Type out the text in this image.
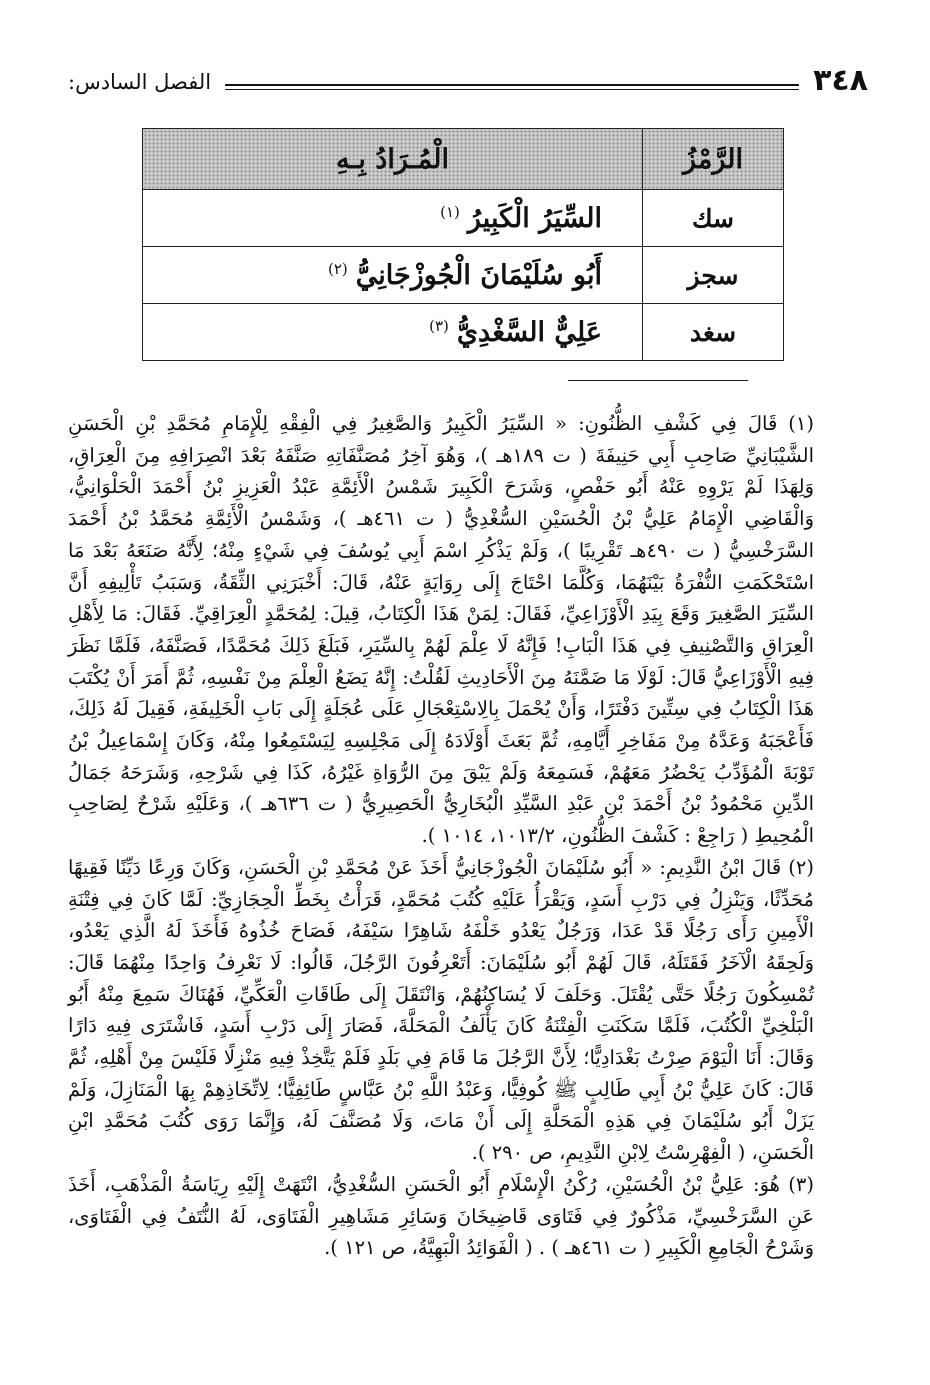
٣٤٨
الفصل السادس:
الرَّمْزُ	الْمُـرَادُ بِـهِ
سك	السِّيَرُ الْكَبِيرُ$^{(١)}$
سجز	أَبُو سُلَيْمَانَ الْجُوزْجَانِيُّ$^{(٢)}$
سغد	عَلِيٌّ السَّغْدِيُّ$^{(٣)}$

(١) قَالَ فِي كَشْفِ الظُّنُونِ: « السِّيَرُ الْكَبِيرُ وَالصَّغِيرُ فِي الْفِقْهِ لِلْإِمَامِ مُحَمَّدِ بْنِ الْحَسَنِ الشَّيْبَانِيِّ صَاحِبِ أَبِي حَنِيفَةَ ( ت ١٨٩هـ )، وَهُوَ آخِرُ مُصَنَّفَاتِهِ صَنَّفَهُ بَعْدَ انْصِرَافِهِ مِنَ الْعِرَاقِ، وَلِهَذَا لَمْ يَرْوِهِ عَنْهُ أَبُو حَفْصٍ، وَشَرَحَ الْكَبِيرَ شَمْسُ الْأَئِمَّةِ عَبْدُ الْعَزِيزِ بْنُ أَحْمَدَ الْحَلْوَانِيُّ، وَالْقَاضِي الْإِمَامُ عَلِيُّ بْنُ الْحُسَيْنِ السُّغْدِيُّ ( ت ٤٦١هـ )، وَشَمْسُ الْأَئِمَّةِ مُحَمَّدُ بْنُ أَحْمَدَ السَّرَخْسِيُّ ( ت ٤٩٠هـ تَقْرِيبًا )، وَلَمْ يَذْكُرِ اسْمَ أَبِي يُوسُفَ فِي شَيْءٍ مِنْهُ؛ لِأَنَّهُ صَنَعَهُ بَعْدَ مَا اسْتَحْكَمَتِ النُّفْرَةُ بَيْنَهُمَا، وَكُلَّمَا احْتَاجَ إِلَى رِوَايَةٍ عَنْهُ، قَالَ: أَخْبَرَنِي الثِّقَةُ، وَسَبَبُ تَأْلِيفِهِ أَنَّ السِّيَرَ الصَّغِيرَ وَقَعَ بِيَدِ الْأَوْزَاعِيِّ، فَقَالَ: لِمَنْ هَذَا الْكِتَابُ، قِيلَ: لِمُحَمَّدٍ الْعِرَاقِيِّ. فَقَالَ: مَا لِأَهْلِ الْعِرَاقِ وَالتَّصْنِيفِ فِي هَذَا الْبَابِ! فَإِنَّهُ لَا عِلْمَ لَهُمْ بِالسِّيَرِ، فَبَلَغَ ذَلِكَ مُحَمَّدًا، فَصَنَّفَهُ، فَلَمَّا نَظَرَ فِيهِ الْأَوْزَاعِيُّ قَالَ: لَوْلَا مَا ضَمَّنَهُ مِنَ الْأَحَادِيثِ لَقُلْتُ: إِنَّهُ يَضَعُ الْعِلْمَ مِنْ نَفْسِهِ، ثُمَّ أَمَرَ أَنْ يُكْتَبَ هَذَا الْكِتَابُ فِي سِتِّينَ دَفْتَرًا، وَأَنْ يُحْمَلَ بِالِاسْتِعْجَالِ عَلَى عُجَلَةٍ إِلَى بَابِ الْخَلِيفَةِ، فَقِيلَ لَهُ ذَلِكَ، فَأَعْجَبَهُ وَعَدَّهُ مِنْ مَفَاخِرِ أَيَّامِهِ، ثُمَّ بَعَثَ أَوْلَادَهُ إِلَى مَجْلِسِهِ لِيَسْتَمِعُوا مِنْهُ، وَكَانَ إِسْمَاعِيلُ بْنُ تَوْبَةَ الْمُؤَدِّبُ يَحْضُرُ مَعَهُمْ، فَسَمِعَهُ وَلَمْ يَبْقَ مِنَ الرُّوَاةِ غَيْرُهُ، كَذَا فِي شَرْحِهِ، وَشَرَحَهُ جَمَالُ الدِّينِ مَحْمُودُ بْنُ أَحْمَدَ بْنِ عَبْدِ السَّيِّدِ الْبُخَارِيُّ الْحَصِيرِيُّ ( ت ٦٣٦هـ )، وَعَلَيْهِ شَرْحٌ لِصَاحِبِ الْمُحِيطِ ( رَاجِعْ : كَشْفَ الظُّنُونِ، ١٠١٣/٢، ١٠١٤ ).

(٢) قَالَ ابْنُ النَّدِيمِ: « أَبُو سُلَيْمَانَ الْجُوزْجَانِيُّ أَخَذَ عَنْ مُحَمَّدِ بْنِ الْحَسَنِ، وَكَانَ وَرِعًا دَيِّنًا فَقِيهًا مُحَدِّثًا، وَيَنْزِلُ فِي دَرْبِ أَسَدٍ، وَيَقْرَأُ عَلَيْهِ كُتُبَ مُحَمَّدٍ، قَرَأْتُ بِخَطِّ الْحِجَازِيِّ: لَمَّا كَانَ فِي فِتْنَةِ الْأَمِينِ رَأَى رَجُلًا قَدْ عَدَا، وَرَجُلٌ يَعْدُو خَلْفَهُ شَاهِرًا سَيْفَهُ، فَصَاحَ خُذُوهُ فَأَخَذَ لَهُ الَّذِي يَعْدُو، وَلَحِقَهُ الْآخَرُ فَقَتَلَهُ، قَالَ لَهُمْ أَبُو سُلَيْمَانَ: أَتَعْرِفُونَ الرَّجُلَ، قَالُوا: لَا نَعْرِفُ وَاحِدًا مِنْهُمَا قَالَ: تُمْسِكُونَ رَجُلًا حَتَّى يُقْتَلَ. وَحَلَفَ لَا يُسَاكِنُهُمْ، وَانْتَقَلَ إِلَى طَاقَاتِ الْعَكِّيِّ، فَهُنَاكَ سَمِعَ مِنْهُ أَبُو الْبَلْخِيِّ الْكُتُبَ، فَلَمَّا سَكَنَتِ الْفِتْنَةُ كَانَ يَأْلَفُ الْمَحَلَّةَ، فَصَارَ إِلَى دَرْبِ أَسَدٍ، فَاشْتَرَى فِيهِ دَارًا وَقَالَ: أَنَا الْيَوْمَ صِرْتُ بَغْدَادِيًّا؛ لِأَنَّ الرَّجُلَ مَا قَامَ فِي بَلَدٍ فَلَمْ يَتَّخِذْ فِيهِ مَنْزِلًا فَلَيْسَ مِنْ أَهْلِهِ، ثُمَّ قَالَ: كَانَ عَلِيُّ بْنُ أَبِي طَالِبٍ ﷺ كُوفِيًّا، وَعَبْدُ اللَّهِ بْنُ عَبَّاسٍ طَائِفِيًّا؛ لِاتِّخَاذِهِمْ بِهَا الْمَنَازِلَ، وَلَمْ يَزَلْ أَبُو سُلَيْمَانَ فِي هَذِهِ الْمَحَلَّةِ إِلَى أَنْ مَاتَ، وَلَا مُصَنَّفَ لَهُ، وَإِنَّمَا رَوَى كُتُبَ مُحَمَّدِ ابْنِ الْحَسَنِ، ( الْفِهْرِسْتُ لِابْنِ النَّدِيمِ، ص ٢٩٠ ).

(٣) هُوَ: عَلِيُّ بْنُ الْحُسَيْنِ، رُكْنُ الْإِسْلَامِ أَبُو الْحَسَنِ السُّغْدِيُّ، انْتَهَتْ إِلَيْهِ رِيَاسَةُ الْمَذْهَبِ، أَخَذَ عَنِ السَّرَخْسِيِّ، مَذْكُورٌ فِي فَتَاوَى قَاضِيخَانَ وَسَائِرِ مَشَاهِيرِ الْفَتَاوَى، لَهُ النُّتَفُ فِي الْفَتَاوَى، وَشَرْحُ الْجَامِعِ الْكَبِيرِ ( ت ٤٦١هـ ) . ( الْفَوَائِدُ الْبَهِيَّةُ، ص ١٢١ ).
